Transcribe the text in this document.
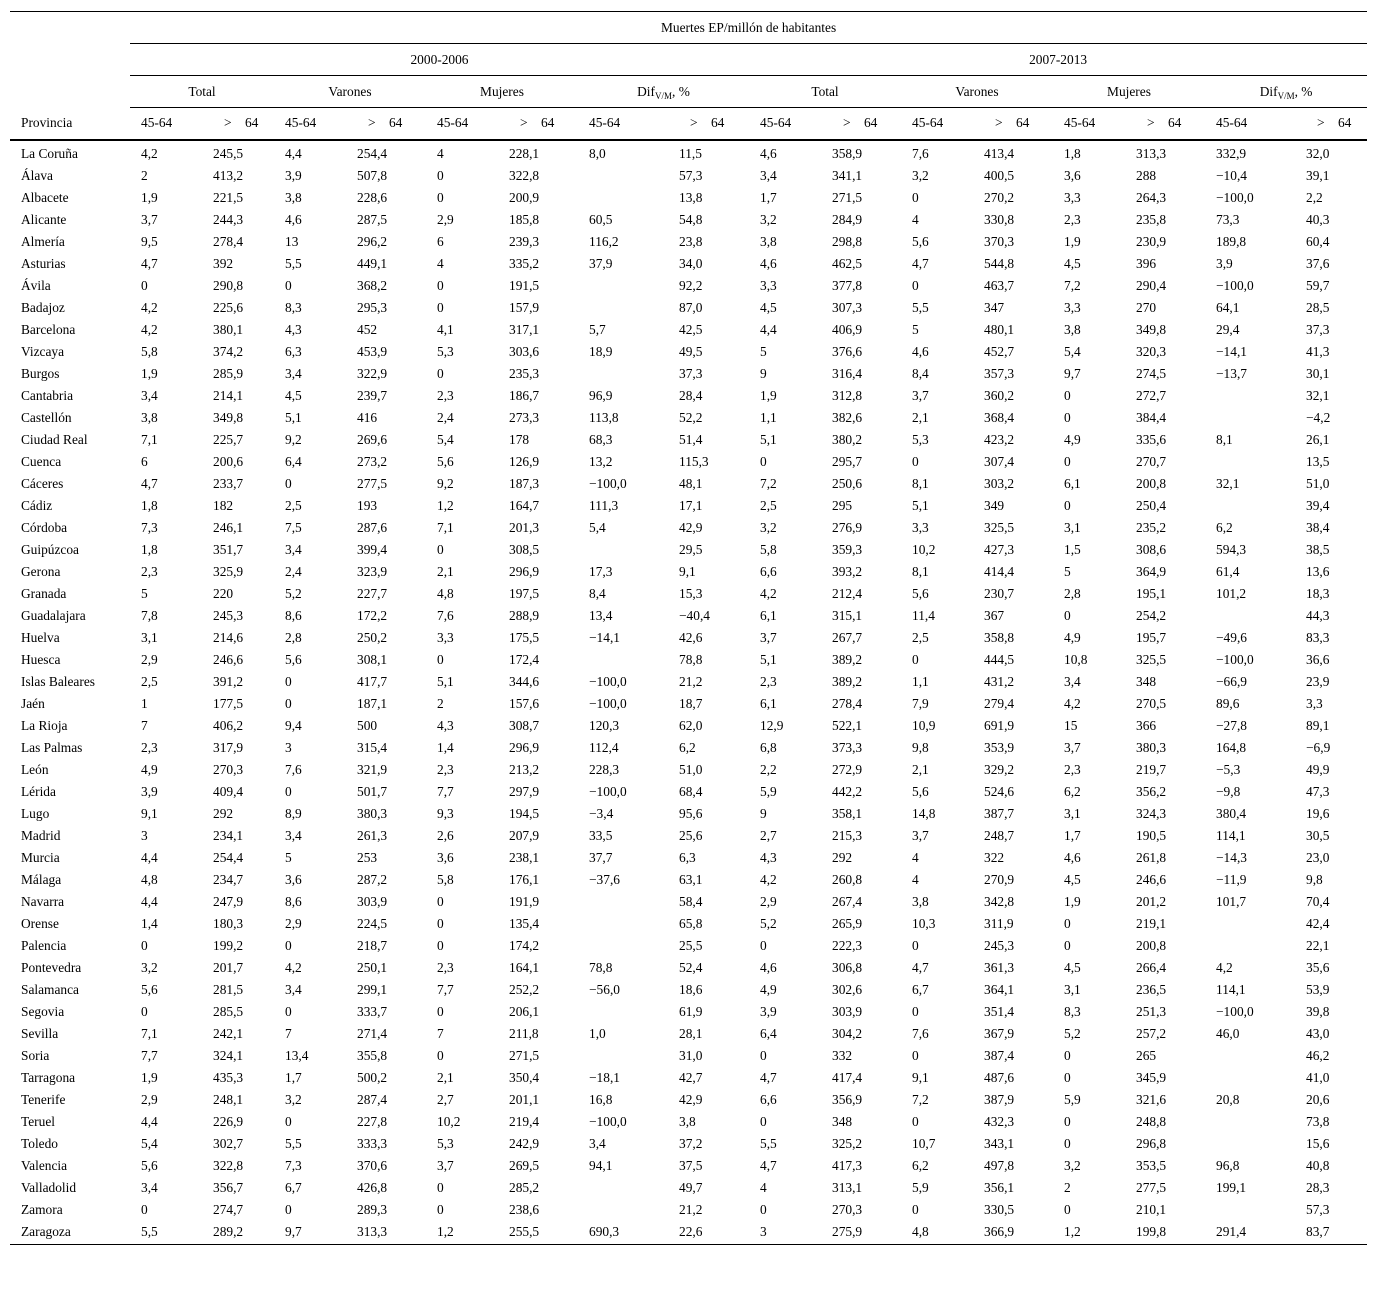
	Muertes EP/millón de habitantes															
	2000-2006								2007-2013							
	Total		Varones		Mujeres		Dif$_{V/M}$, %		Total		Varones		Mujeres		Dif$_{V/M}$, %	
Provincia	45-64	>    64	45-64	>    64	45-64	>    64	45-64	>    64	45-64	>    64	45-64	>    64	45-64	>    64	45-64	>    64
La Coruña	4,2	245,5	4,4	254,4	4	228,1	8,0	11,5	4,6	358,9	7,6	413,4	1,8	313,3	332,9	32,0
Álava	2	413,2	3,9	507,8	0	322,8		57,3	3,4	341,1	3,2	400,5	3,6	288	−10,4	39,1
Albacete	1,9	221,5	3,8	228,6	0	200,9		13,8	1,7	271,5	0	270,2	3,3	264,3	−100,0	2,2
Alicante	3,7	244,3	4,6	287,5	2,9	185,8	60,5	54,8	3,2	284,9	4	330,8	2,3	235,8	73,3	40,3
Almería	9,5	278,4	13	296,2	6	239,3	116,2	23,8	3,8	298,8	5,6	370,3	1,9	230,9	189,8	60,4
Asturias	4,7	392	5,5	449,1	4	335,2	37,9	34,0	4,6	462,5	4,7	544,8	4,5	396	3,9	37,6
Ávila	0	290,8	0	368,2	0	191,5		92,2	3,3	377,8	0	463,7	7,2	290,4	−100,0	59,7
Badajoz	4,2	225,6	8,3	295,3	0	157,9		87,0	4,5	307,3	5,5	347	3,3	270	64,1	28,5
Barcelona	4,2	380,1	4,3	452	4,1	317,1	5,7	42,5	4,4	406,9	5	480,1	3,8	349,8	29,4	37,3
Vizcaya	5,8	374,2	6,3	453,9	5,3	303,6	18,9	49,5	5	376,6	4,6	452,7	5,4	320,3	−14,1	41,3
Burgos	1,9	285,9	3,4	322,9	0	235,3		37,3	9	316,4	8,4	357,3	9,7	274,5	−13,7	30,1
Cantabria	3,4	214,1	4,5	239,7	2,3	186,7	96,9	28,4	1,9	312,8	3,7	360,2	0	272,7		32,1
Castellón	3,8	349,8	5,1	416	2,4	273,3	113,8	52,2	1,1	382,6	2,1	368,4	0	384,4		−4,2
Ciudad Real	7,1	225,7	9,2	269,6	5,4	178	68,3	51,4	5,1	380,2	5,3	423,2	4,9	335,6	8,1	26,1
Cuenca	6	200,6	6,4	273,2	5,6	126,9	13,2	115,3	0	295,7	0	307,4	0	270,7		13,5
Cáceres	4,7	233,7	0	277,5	9,2	187,3	−100,0	48,1	7,2	250,6	8,1	303,2	6,1	200,8	32,1	51,0
Cádiz	1,8	182	2,5	193	1,2	164,7	111,3	17,1	2,5	295	5,1	349	0	250,4		39,4
Córdoba	7,3	246,1	7,5	287,6	7,1	201,3	5,4	42,9	3,2	276,9	3,3	325,5	3,1	235,2	6,2	38,4
Guipúzcoa	1,8	351,7	3,4	399,4	0	308,5		29,5	5,8	359,3	10,2	427,3	1,5	308,6	594,3	38,5
Gerona	2,3	325,9	2,4	323,9	2,1	296,9	17,3	9,1	6,6	393,2	8,1	414,4	5	364,9	61,4	13,6
Granada	5	220	5,2	227,7	4,8	197,5	8,4	15,3	4,2	212,4	5,6	230,7	2,8	195,1	101,2	18,3
Guadalajara	7,8	245,3	8,6	172,2	7,6	288,9	13,4	−40,4	6,1	315,1	11,4	367	0	254,2		44,3
Huelva	3,1	214,6	2,8	250,2	3,3	175,5	−14,1	42,6	3,7	267,7	2,5	358,8	4,9	195,7	−49,6	83,3
Huesca	2,9	246,6	5,6	308,1	0	172,4		78,8	5,1	389,2	0	444,5	10,8	325,5	−100,0	36,6
Islas Baleares	2,5	391,2	0	417,7	5,1	344,6	−100,0	21,2	2,3	389,2	1,1	431,2	3,4	348	−66,9	23,9
Jaén	1	177,5	0	187,1	2	157,6	−100,0	18,7	6,1	278,4	7,9	279,4	4,2	270,5	89,6	3,3
La Rioja	7	406,2	9,4	500	4,3	308,7	120,3	62,0	12,9	522,1	10,9	691,9	15	366	−27,8	89,1
Las Palmas	2,3	317,9	3	315,4	1,4	296,9	112,4	6,2	6,8	373,3	9,8	353,9	3,7	380,3	164,8	−6,9
León	4,9	270,3	7,6	321,9	2,3	213,2	228,3	51,0	2,2	272,9	2,1	329,2	2,3	219,7	−5,3	49,9
Lérida	3,9	409,4	0	501,7	7,7	297,9	−100,0	68,4	5,9	442,2	5,6	524,6	6,2	356,2	−9,8	47,3
Lugo	9,1	292	8,9	380,3	9,3	194,5	−3,4	95,6	9	358,1	14,8	387,7	3,1	324,3	380,4	19,6
Madrid	3	234,1	3,4	261,3	2,6	207,9	33,5	25,6	2,7	215,3	3,7	248,7	1,7	190,5	114,1	30,5
Murcia	4,4	254,4	5	253	3,6	238,1	37,7	6,3	4,3	292	4	322	4,6	261,8	−14,3	23,0
Málaga	4,8	234,7	3,6	287,2	5,8	176,1	−37,6	63,1	4,2	260,8	4	270,9	4,5	246,6	−11,9	9,8
Navarra	4,4	247,9	8,6	303,9	0	191,9		58,4	2,9	267,4	3,8	342,8	1,9	201,2	101,7	70,4
Orense	1,4	180,3	2,9	224,5	0	135,4		65,8	5,2	265,9	10,3	311,9	0	219,1		42,4
Palencia	0	199,2	0	218,7	0	174,2		25,5	0	222,3	0	245,3	0	200,8		22,1
Pontevedra	3,2	201,7	4,2	250,1	2,3	164,1	78,8	52,4	4,6	306,8	4,7	361,3	4,5	266,4	4,2	35,6
Salamanca	5,6	281,5	3,4	299,1	7,7	252,2	−56,0	18,6	4,9	302,6	6,7	364,1	3,1	236,5	114,1	53,9
Segovia	0	285,5	0	333,7	0	206,1		61,9	3,9	303,9	0	351,4	8,3	251,3	−100,0	39,8
Sevilla	7,1	242,1	7	271,4	7	211,8	1,0	28,1	6,4	304,2	7,6	367,9	5,2	257,2	46,0	43,0
Soria	7,7	324,1	13,4	355,8	0	271,5		31,0	0	332	0	387,4	0	265		46,2
Tarragona	1,9	435,3	1,7	500,2	2,1	350,4	−18,1	42,7	4,7	417,4	9,1	487,6	0	345,9		41,0
Tenerife	2,9	248,1	3,2	287,4	2,7	201,1	16,8	42,9	6,6	356,9	7,2	387,9	5,9	321,6	20,8	20,6
Teruel	4,4	226,9	0	227,8	10,2	219,4	−100,0	3,8	0	348	0	432,3	0	248,8		73,8
Toledo	5,4	302,7	5,5	333,3	5,3	242,9	3,4	37,2	5,5	325,2	10,7	343,1	0	296,8		15,6
Valencia	5,6	322,8	7,3	370,6	3,7	269,5	94,1	37,5	4,7	417,3	6,2	497,8	3,2	353,5	96,8	40,8
Valladolid	3,4	356,7	6,7	426,8	0	285,2		49,7	4	313,1	5,9	356,1	2	277,5	199,1	28,3
Zamora	0	274,7	0	289,3	0	238,6		21,2	0	270,3	0	330,5	0	210,1		57,3
Zaragoza	5,5	289,2	9,7	313,3	1,2	255,5	690,3	22,6	3	275,9	4,8	366,9	1,2	199,8	291,4	83,7
